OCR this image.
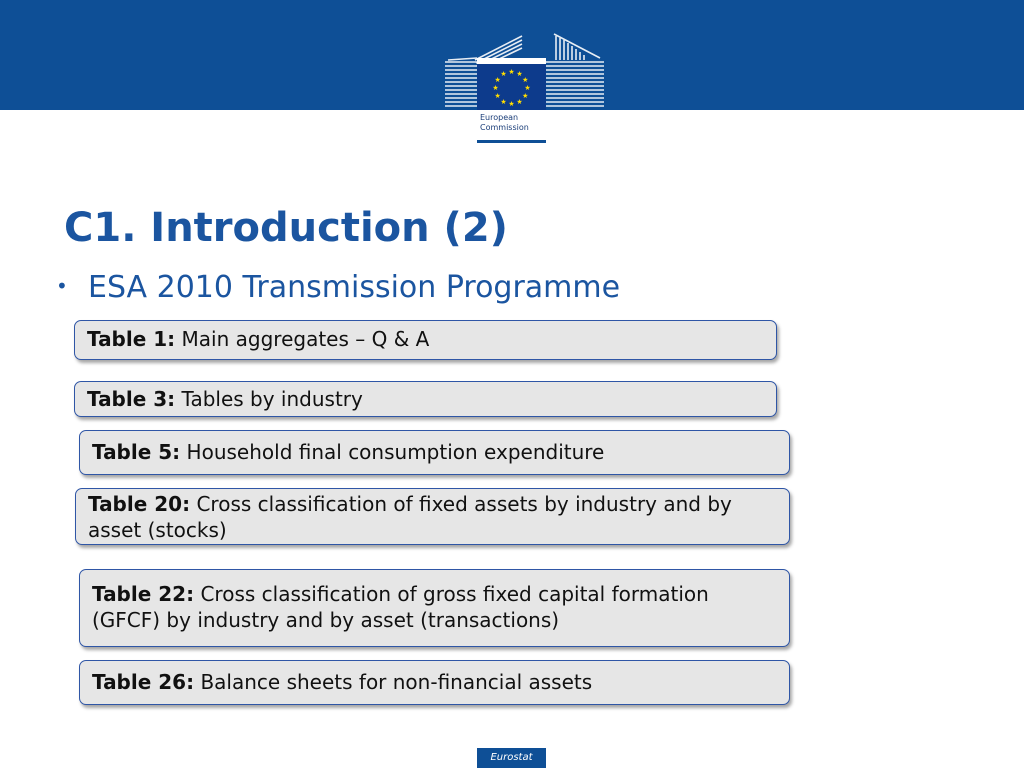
★ ★
★
★
★
★
★
★
★
★
★
★
European
Commission
C1. Introduction (2)
• ESA 2010 Transmission Programme
Table 1: Main aggregates – Q & A
Table 3: Tables by industry
Table 5: Household final consumption expenditure
Table 20: Cross classification of fixed assets by industry and by asset (stocks)
Table 22: Cross classification of gross fixed capital formation (GFCF) by industry and by asset (transactions)
Table 26: Balance sheets for non-financial assets
Eurostat
